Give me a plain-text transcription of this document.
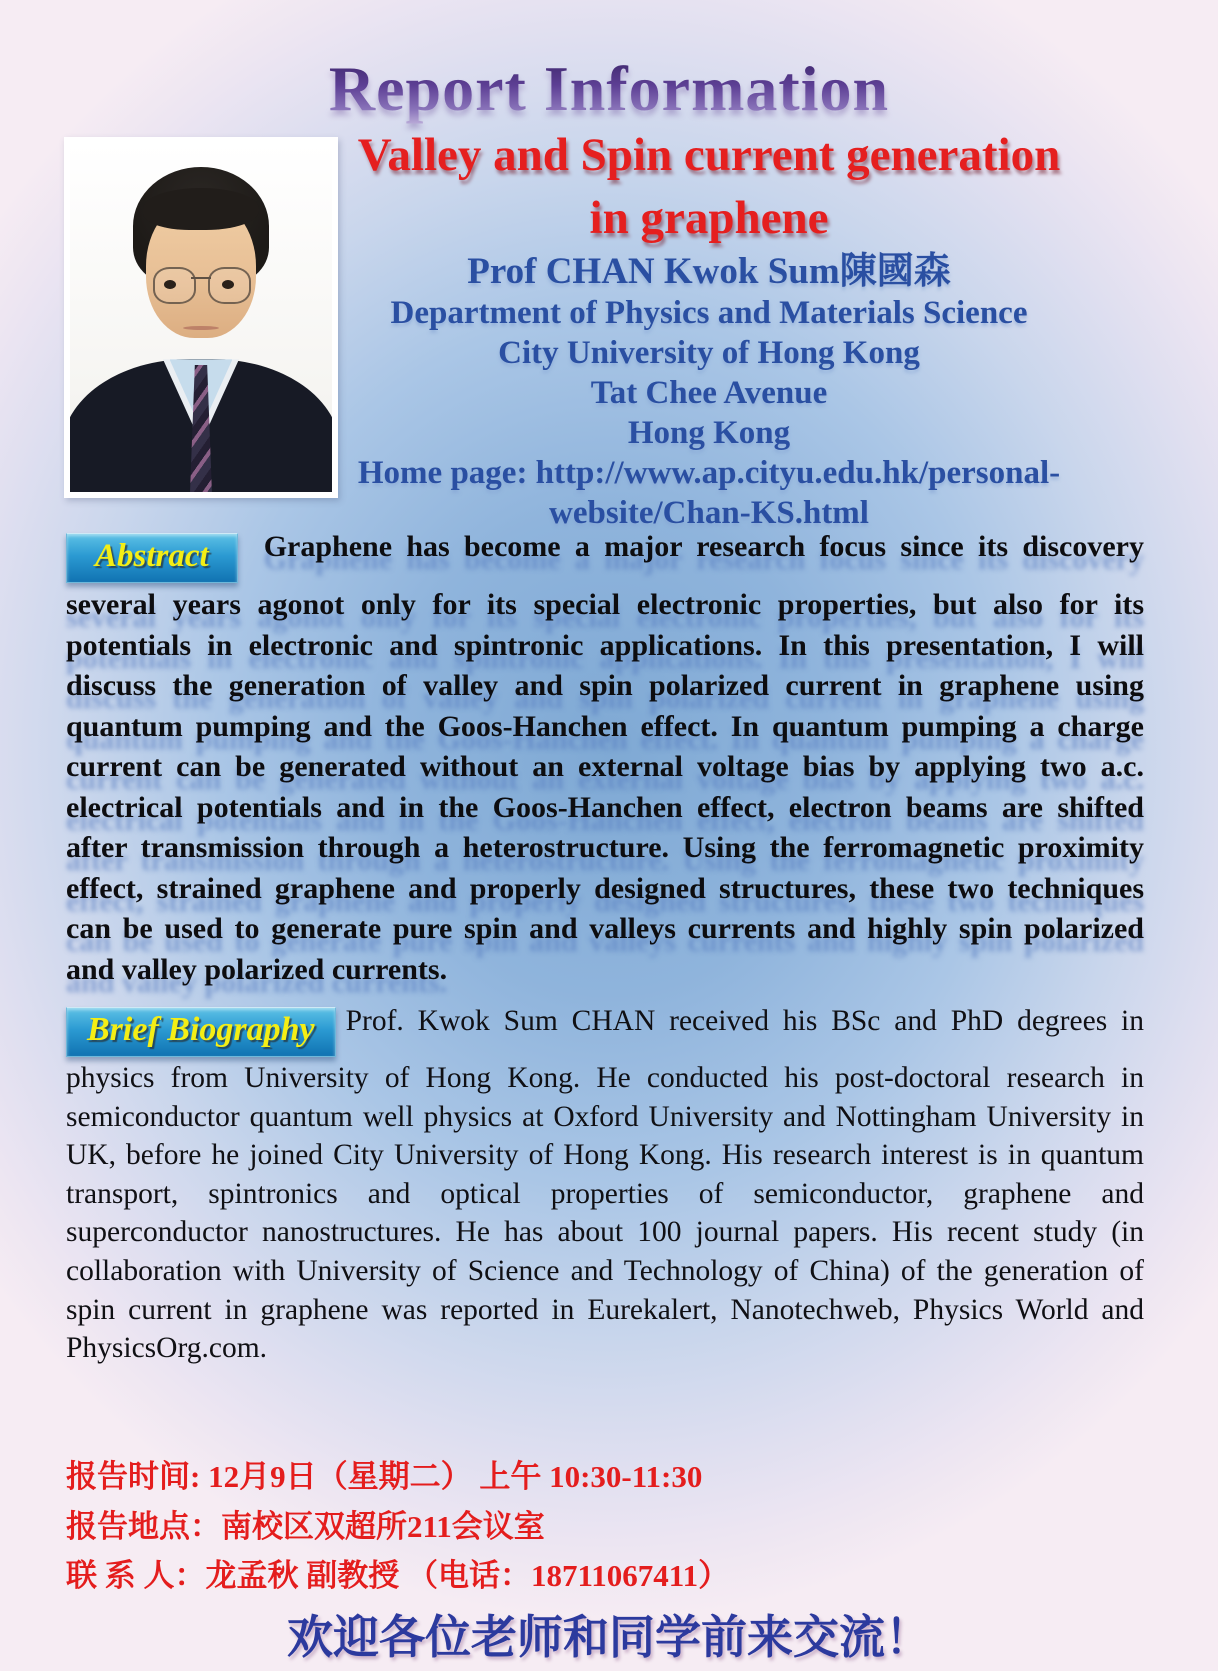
Report Information
Valley and Spin current generation
in graphene
Prof CHAN Kwok Sum陳國森
Department of Physics and Materials Science
City University of Hong Kong
Tat Chee Avenue
Hong Kong
Home page: http://www.ap.cityu.edu.hk/personal-
website/Chan-KS.html

Abstract Graphene has become a major research focus since its discovery several years agonot only for its special electronic properties, but also for its potentials in electronic and spintronic applications. In this presentation, I will discuss the generation of valley and spin polarized current in graphene using quantum pumping and the Goos-Hanchen effect. In quantum pumping a charge current can be generated without an external voltage bias by applying two a.c. electrical potentials and in the Goos-Hanchen effect, electron beams are shifted after transmission through a heterostructure. Using the ferromagnetic proximity effect, strained graphene and properly designed structures, these two techniques can be used to generate pure spin and valleys currents and highly spin polarized and valley polarized currents.

Brief Biography Prof. Kwok Sum CHAN received his BSc and PhD degrees in physics from University of Hong Kong. He conducted his post-doctoral research in semiconductor quantum well physics at Oxford University and Nottingham University in UK, before he joined City University of Hong Kong. His research interest is in quantum transport, spintronics and optical properties of semiconductor, graphene and superconductor nanostructures. He has about 100 journal papers. His recent study (in collaboration with University of Science and Technology of China) of the generation of spin current in graphene was reported in Eurekalert, Nanotechweb, Physics World and PhysicsOrg.com.

报告时间: 12月9日（星期二） 上午 10:30-11:30
报告地点：南校区双超所211会议室
联 系 人：龙孟秋 副教授 （电话：18711067411）
欢迎各位老师和同学前来交流！
